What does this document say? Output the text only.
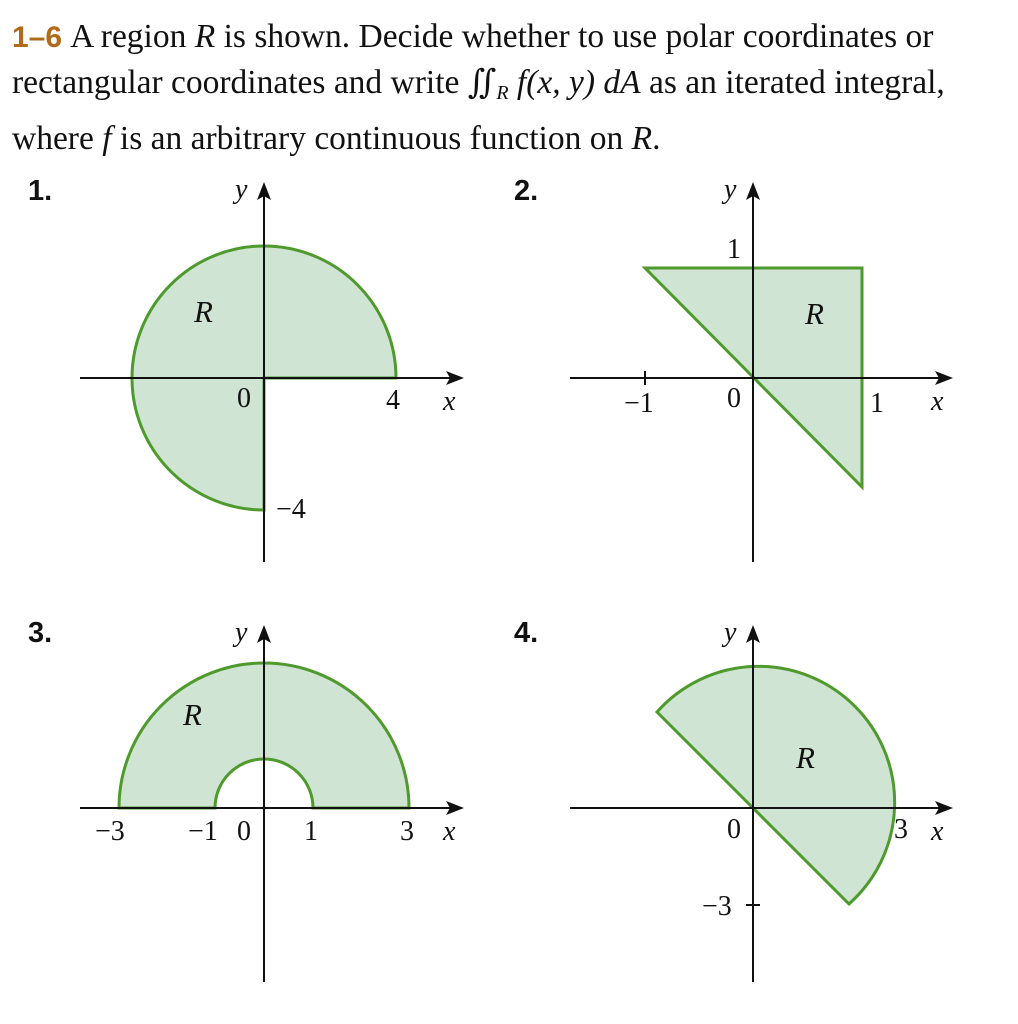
1–6 A region R is shown. Decide whether to use polar coordinates or rectangular coordinates and write $∬_R$ f(x, y) dA as an iterated integral, where f is an arbitrary continuous function on R.
1.	y
x
R
0	4
−4
2.	y
x
R
1
−1	0	1
3.	y
x
R
−3 −1 0 1	3
4.	y
x
R
0	3
−3
